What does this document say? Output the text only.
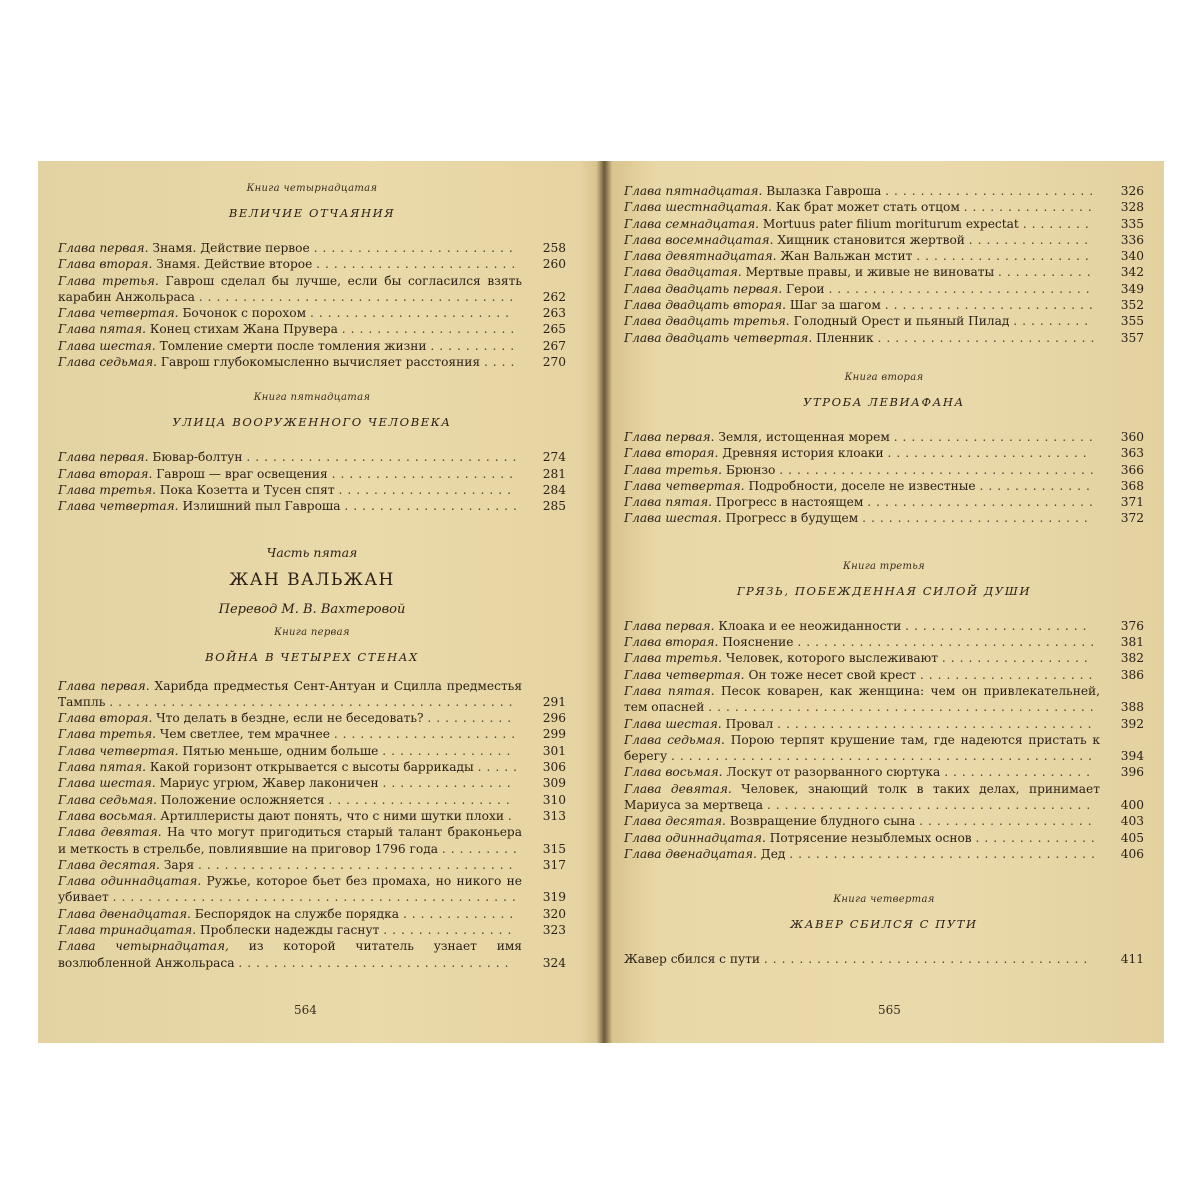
Книга четырнадцатая
ВЕЛИЧИЕ ОТЧАЯНИЯ
Глава первая. Знамя. Действие первое .......................	258
Глава вторая. Знамя. Действие второе .......................	260
Глава третья. Гаврош сделал бы лучше, если бы согласился взять карабин Анжольраса ....................................	262
Глава четвертая. Бочонок с порохом .......................	263
Глава пятая. Конец стихам Жана Прувера ....................	265
Глава шестая. Томление смерти после томления жизни ..........	267
Глава седьмая. Гаврош глубокомысленно вычисляет расстояния ....	270
Книга пятнадцатая
УЛИЦА ВООРУЖЕННОГО ЧЕЛОВЕКА
Глава первая. Бювар-болтун ...............................	274
Глава вторая. Гаврош — враг освещения .....................	281
Глава третья. Пока Козетта и Тусен спят ....................	284
Глава четвертая. Излишний пыл Гавроша ....................	285
Часть пятая
ЖАН ВАЛЬЖАН
Перевод М. В. Вахтеровой
Книга первая
ВОЙНА В ЧЕТЫРЕХ СТЕНАХ
Глава первая. Харибда предместья Сент-Антуан и Сцилла предместья Тампль ..............................................	291
Глава вторая. Что делать в бездне, если не беседовать? ..........	296
Глава третья. Чем светлее, тем мрачнее .....................	299
Глава четвертая. Пятью меньше, одним больше ...............	301
Глава пятая. Какой горизонт открывается с высоты баррикады .....	306
Глава шестая. Мариус угрюм, Жавер лаконичен ...............	309
Глава седьмая. Положение осложняется .....................	310
Глава восьмая. Артиллеристы дают понять, что с ними шутки плохи .	313
Глава девятая. На что могут пригодиться старый талант браконьера и меткость в стрельбе, повлиявшие на приговор 1796 года .........	315
Глава десятая. Заря ....................................	317
Глава одиннадцатая. Ружье, которое бьет без промаха, но никого не убивает ..............................................	319
Глава двенадцатая. Беспорядок на службе порядка .............	320
Глава тринадцатая. Проблески надежды гаснут ...............	323
Глава четырнадцатая, из которой читатель узнает имя возлюбленной Анжольраса ...............................	324
564
Глава пятнадцатая. Вылазка Гавроша ........................	326
Глава шестнадцатая. Как брат может стать отцом ...............	328
Глава семнадцатая. Mortuus pater filium moriturum expectat ........	335
Глава восемнадцатая. Хищник становится жертвой ..............	336
Глава девятнадцатая. Жан Вальжан мстит ....................	340
Глава двадцатая. Мертвые правы, и живые не виноваты ...........	342
Глава двадцать первая. Герои ..............................	349
Глава двадцать вторая. Шаг за шагом ........................	352
Глава двадцать третья. Голодный Орест и пьяный Пилад .........	355
Глава двадцать четвертая. Пленник .........................	357
Книга вторая
УТРОБА ЛЕВИАФАНА
Глава первая. Земля, истощенная морем .......................	360
Глава вторая. Древняя история клоаки .......................	363
Глава третья. Брюнзо ....................................	366
Глава четвертая. Подробности, доселе не известные .............	368
Глава пятая. Прогресс в настоящем ..........................	371
Глава шестая. Прогресс в будущем ..........................	372
Книга третья
ГРЯЗЬ, ПОБЕЖДЕННАЯ СИЛОЙ ДУШИ
Глава первая. Клоака и ее неожиданности .....................	376
Глава вторая. Пояснение ..................................	381
Глава третья. Человек, которого выслеживают .................	382
Глава четвертая. Он тоже несет свой крест ....................	386
Глава пятая. Песок коварен, как женщина: чем он привлекательней, тем опасней ............................................	388
Глава шестая. Провал ....................................	392
Глава седьмая. Порою терпят крушение там, где надеются пристать к берегу ................................................	394
Глава восьмая. Лоскут от разорванного сюртука .................	396
Глава девятая. Человек, знающий толк в таких делах, принимает Мариуса за мертвеца .....................................	400
Глава десятая. Возвращение блудного сына ....................	403
Глава одиннадцатая. Потрясение незыблемых основ ..............	405
Глава двенадцатая. Дед ...................................	406
Книга четвертая
ЖАВЕР СБИЛСЯ С ПУТИ
Жавер сбился с пути .....................................	411
565
